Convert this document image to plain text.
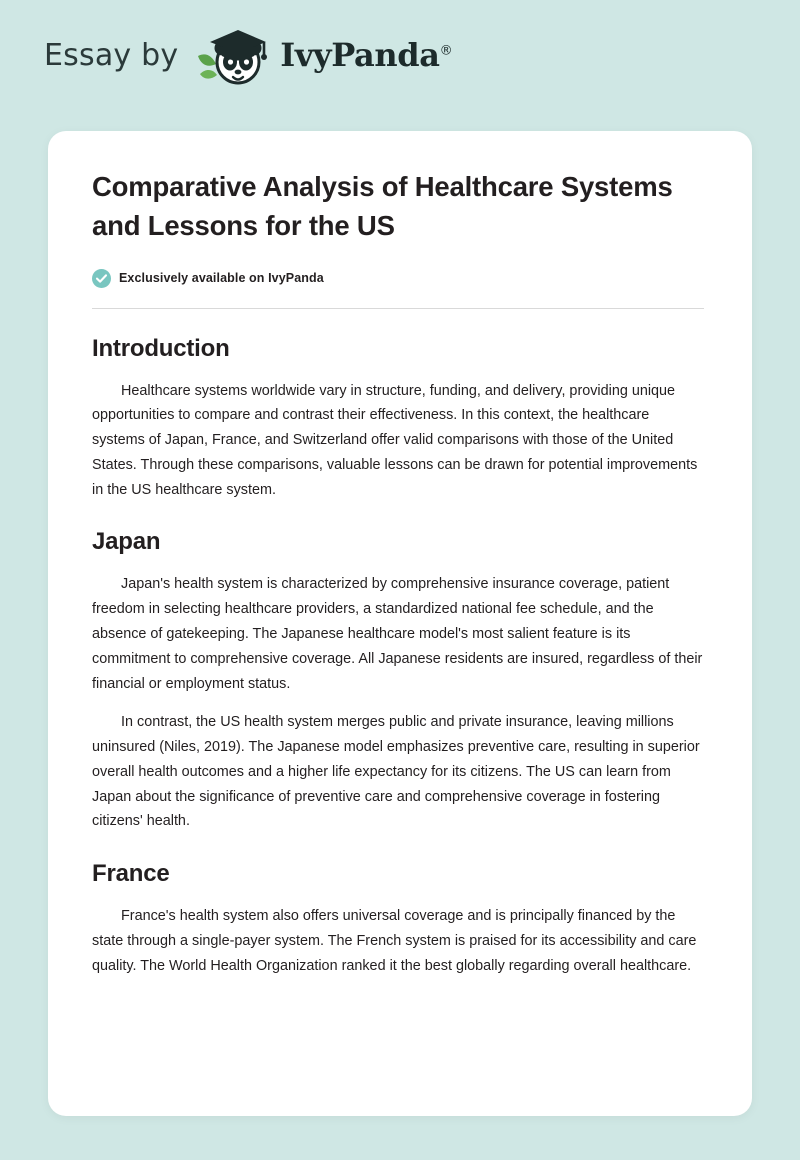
Essay by	IvyPanda®
Comparative Analysis of Healthcare Systems and Lessons for the US
Exclusively available on IvyPanda
Introduction

Healthcare systems worldwide vary in structure, funding, and delivery, providing unique opportunities to compare and contrast their effectiveness. In this context, the healthcare systems of Japan, France, and Switzerland offer valid comparisons with those of the United States. Through these comparisons, valuable lessons can be drawn for potential improvements in the US healthcare system.

Japan

Japan's health system is characterized by comprehensive insurance coverage, patient freedom in selecting healthcare providers, a standardized national fee schedule, and the absence of gatekeeping. The Japanese healthcare model's most salient feature is its commitment to comprehensive coverage. All Japanese residents are insured, regardless of their financial or employment status.

In contrast, the US health system merges public and private insurance, leaving millions uninsured (Niles, 2019). The Japanese model emphasizes preventive care, resulting in superior overall health outcomes and a higher life expectancy for its citizens. The US can learn from Japan about the significance of preventive care and comprehensive coverage in fostering citizens' health.

France

France's health system also offers universal coverage and is principally financed by the state through a single-payer system. The French system is praised for its accessibility and care quality. The World Health Organization ranked it the best globally regarding overall healthcare.
